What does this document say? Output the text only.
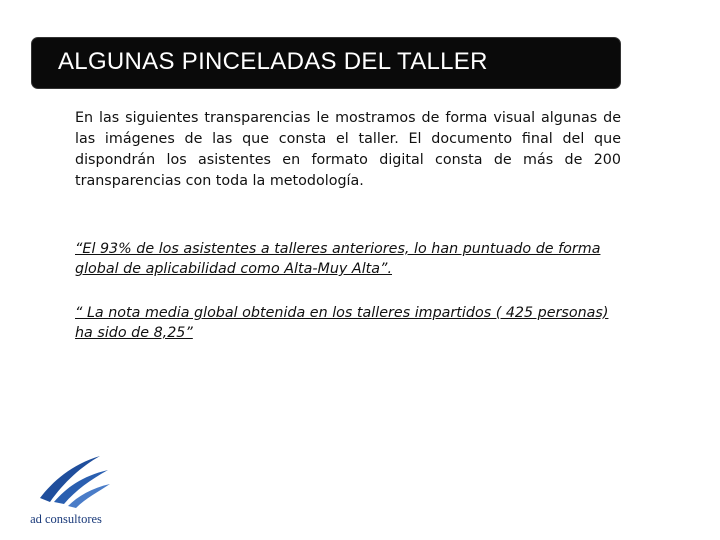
ALGUNAS PINCELADAS DEL TALLER
En las siguientes transparencias le mostramos de forma visual algunas de las imágenes de las que consta el taller. El documento final del que dispondrán los asistentes en formato digital consta de más de 200 transparencias con toda la metodología.
“El 93% de los asistentes a talleres anteriores, lo han puntuado de forma global de aplicabilidad como Alta-Muy Alta”.
“ La nota media global obtenida en los talleres impartidos ( 425 personas) ha sido de 8,25”
ad consultores
